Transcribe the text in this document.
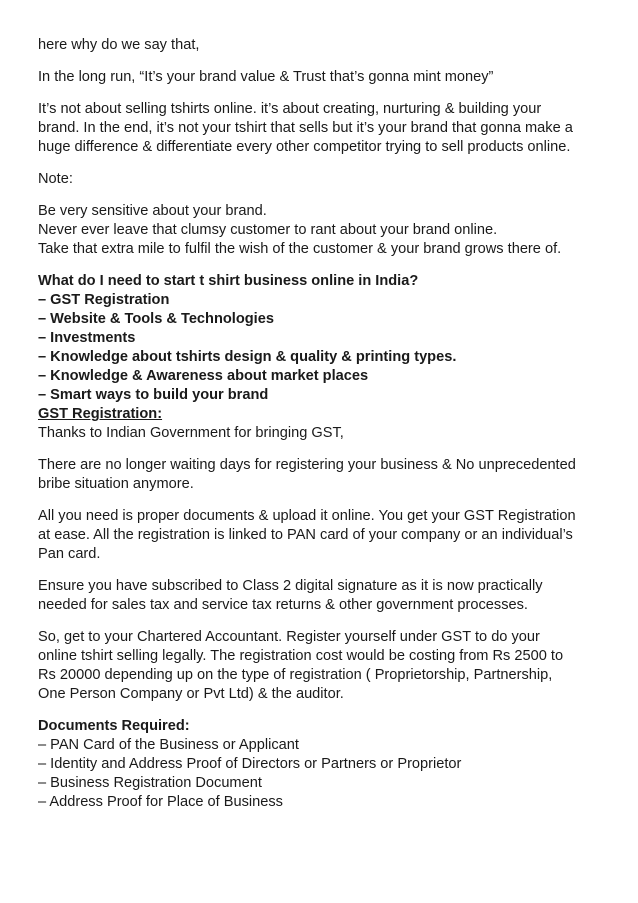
here why do we say that,

In the long run, “It’s your brand value & Trust that’s gonna mint money”

It’s not about selling tshirts online. it’s about creating, nurturing & building your
brand. In the end, it’s not your tshirt that sells but it’s your brand that gonna make a
huge difference & differentiate every other competitor trying to sell products online.

Note:

Be very sensitive about your brand.
Never ever leave that clumsy customer to rant about your brand online.
Take that extra mile to fulfil the wish of the customer & your brand grows there of.

What do I need to start t shirt business online in India?
– GST Registration
– Website & Tools & Technologies
– Investments
– Knowledge about tshirts design & quality & printing types.
– Knowledge & Awareness about market places
– Smart ways to build your brand

GST Registration:
Thanks to Indian Government for bringing GST,

There are no longer waiting days for registering your business & No unprecedented
bribe situation anymore.

All you need is proper documents & upload it online. You get your GST Registration
at ease. All the registration is linked to PAN card of your company or an individual’s
Pan card.

Ensure you have subscribed to Class 2 digital signature as it is now practically
needed for sales tax and service tax returns & other government processes.

So, get to your Chartered Accountant. Register yourself under GST to do your
online tshirt selling legally. The registration cost would be costing from Rs 2500 to
Rs 20000 depending up on the type of registration ( Proprietorship, Partnership,
One Person Company or Pvt Ltd) & the auditor.

Documents Required:
– PAN Card of the Business or Applicant
– Identity and Address Proof of Directors or Partners or Proprietor
– Business Registration Document
– Address Proof for Place of Business
